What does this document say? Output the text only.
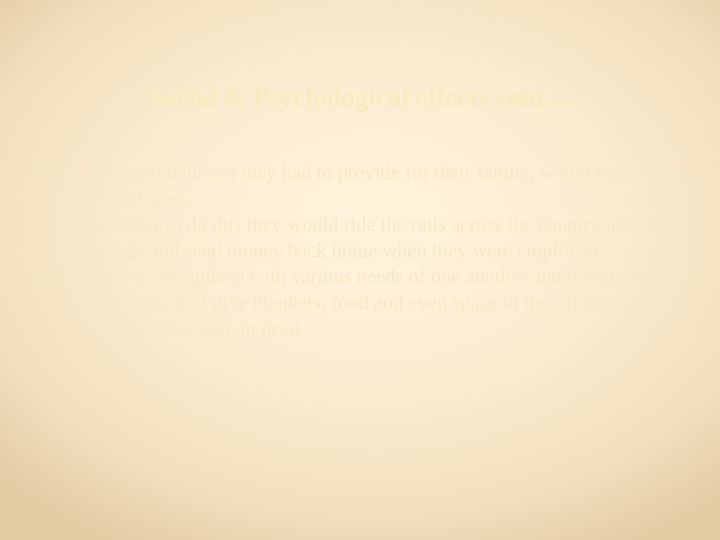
Social & Psychological effects cont…
•	Men that believed they had to provide for their family, would leave home to find work.

-In order to do this they would ride the rails across the country in search of jobs and send money back home when they were employed.

•	Society recognized with various needs of one another and tried to help.

-People would give blankets, food and even space in their home for families that were in need.
